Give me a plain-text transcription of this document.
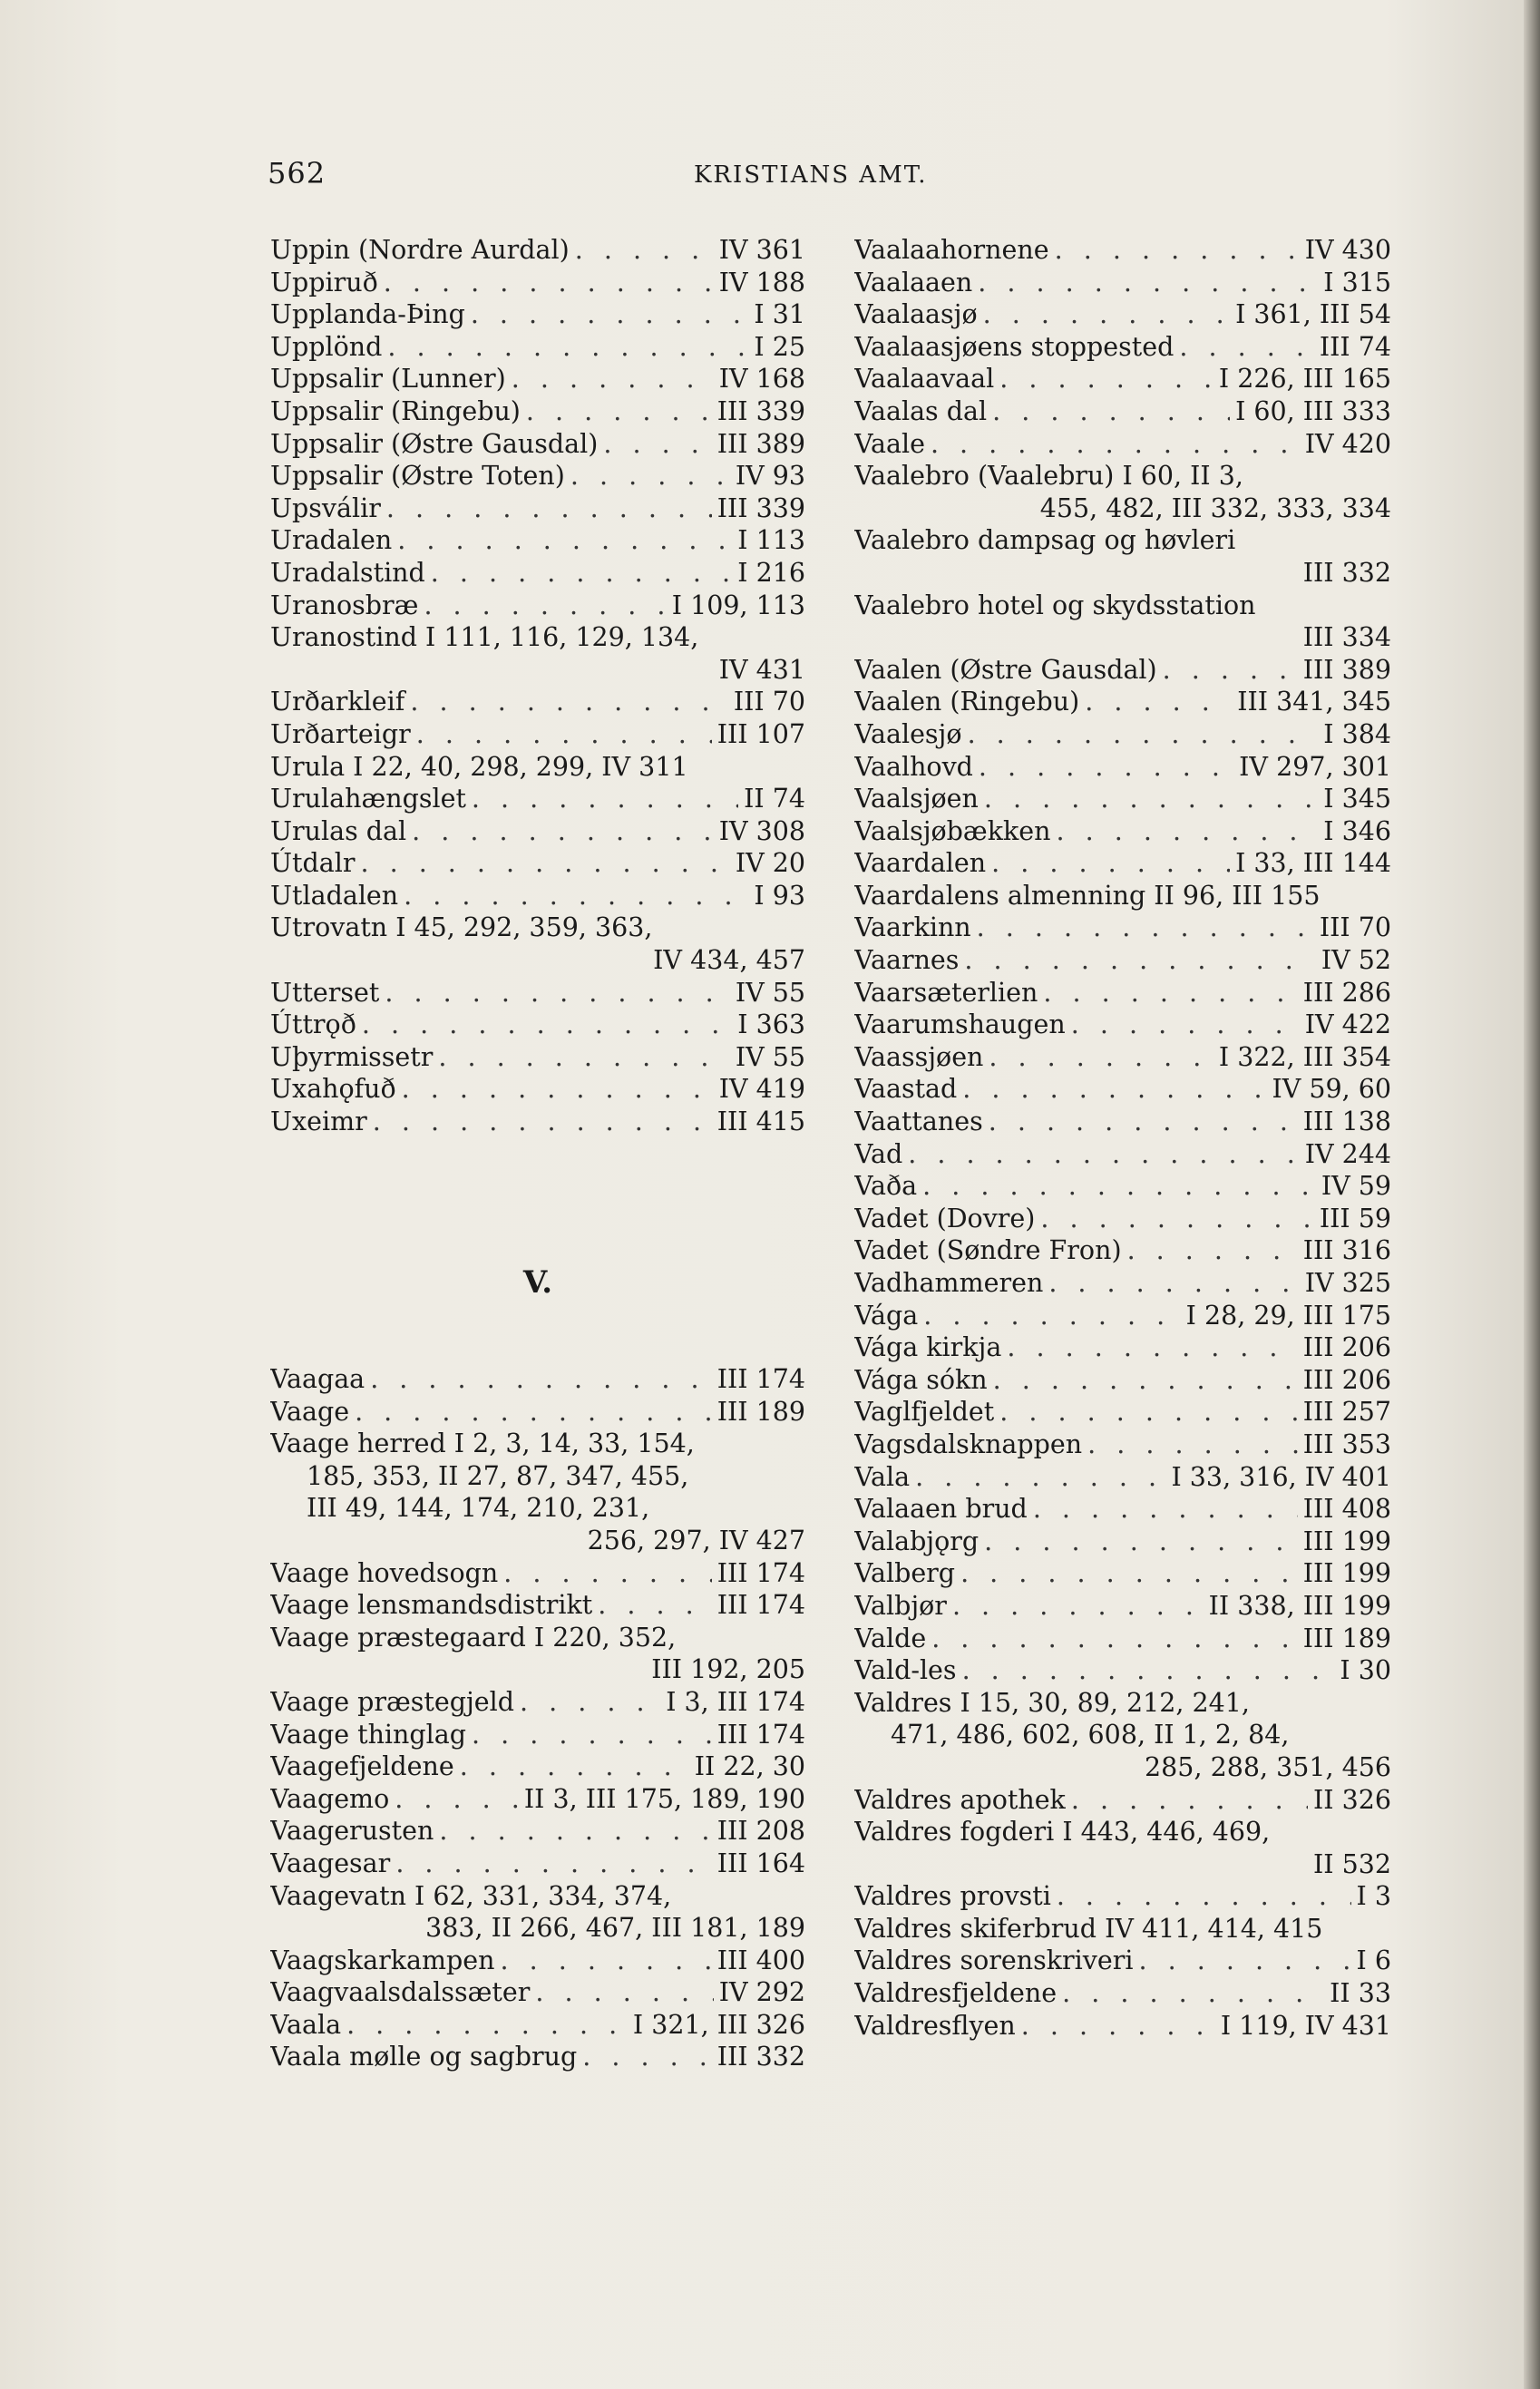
562	KRISTIANS AMT.
Uppin (Nordre Aurdal) . . .	IV 361
Uppiruð . . .	IV 188
Upplanda-Þing . . .	I 31
Upplönd . . .	I 25
Uppsalir (Lunner) . . .	IV 168
Uppsalir (Ringebu) . . .	III 339
Uppsalir (Østre Gausdal) . . .	III 389
Uppsalir (Østre Toten) . . .	IV 93
Upsválir . . .	III 339
Uradalen . . .	I 113
Uradalstind . . .	I 216
Uranosbræ . . .	I 109, 113
Uranostind I 111, 116, 129, 134,
IV 431
Urðarkleif . . .	III 70
Urðarteigr . . .	III 107
Urula I 22, 40, 298, 299, IV 311
Urulahængslet . . .	II 74
Urulas dal . . .	IV 308
Útdalr . . .	IV 20
Utladalen . . .	I 93
Utrovatn I 45, 292, 359, 363,
IV 434, 457
Utterset . . .	IV 55
Úttrǫð . . .	I 363
Uþyrmissetr . . .	IV 55
Uxahǫfuð . . .	IV 419
Uxeimr . . .	III 415
V.
Vaagaa . . .	III 174
Vaage . . .	III 189
Vaage herred I 2, 3, 14, 33, 154,
185, 353, II 27, 87, 347, 455,
III 49, 144, 174, 210, 231,
256, 297, IV 427
Vaage hovedsogn . . .	III 174
Vaage lensmandsdistrikt . . .	III 174
Vaage præstegaard I 220, 352,
III 192, 205
Vaage præstegjeld . . .	I 3, III 174
Vaage thinglag . . .	III 174
Vaagefjeldene . . .	II 22, 30
Vaagemo . . .	II 3, III 175, 189, 190
Vaagerusten . . .	III 208
Vaagesar . . .	III 164
Vaagevatn I 62, 331, 334, 374,
383, II 266, 467, III 181, 189
Vaagskarkampen . . .	III 400
Vaagvaalsdalssæter . . .	IV 292
Vaala . . .	I 321, III 326
Vaala mølle og sagbrug . . .	III 332
Vaalaahornene . . .	IV 430
Vaalaaen . . .	I 315
Vaalaasjø . . .	I 361, III 54
Vaalaasjøens stoppested . . .	III 74
Vaalaavaal . . .	I 226, III 165
Vaalas dal . . .	I 60, III 333
Vaale . . .	IV 420
Vaalebro (Vaalebru) I 60, II 3,
455, 482, III 332, 333, 334
Vaalebro dampsag og høvleri
III 332
Vaalebro hotel og skydsstation
III 334
Vaalen (Østre Gausdal) . . .	III 389
Vaalen (Ringebu) . . .	III 341, 345
Vaalesjø . . .	I 384
Vaalhovd . . .	IV 297, 301
Vaalsjøen . . .	I 345
Vaalsjøbækken . . .	I 346
Vaardalen . . .	I 33, III 144
Vaardalens almenning II 96, III 155
Vaarkinn . . .	III 70
Vaarnes . . .	IV 52
Vaarsæterlien . . .	III 286
Vaarumshaugen . . .	IV 422
Vaassjøen . . .	I 322, III 354
Vaastad . . .	IV 59, 60
Vaattanes . . .	III 138
Vad . . .	IV 244
Vaða . . .	IV 59
Vadet (Dovre) . . .	III 59
Vadet (Søndre Fron) . . .	III 316
Vadhammeren . . .	IV 325
Vága . . .	I 28, 29, III 175
Vága kirkja . . .	III 206
Vága sókn . . .	III 206
Vaglfjeldet . . .	III 257
Vagsdalsknappen . . .	III 353
Vala . . .	I 33, 316, IV 401
Valaaen brud . . .	III 408
Valabjǫrg . . .	III 199
Valberg . . .	III 199
Valbjør . . .	II 338, III 199
Valde . . .	III 189
Vald-les . . .	I 30
Valdres I 15, 30, 89, 212, 241,
471, 486, 602, 608, II 1, 2, 84,
285, 288, 351, 456
Valdres apothek . . .	II 326
Valdres fogderi I 443, 446, 469,
II 532
Valdres provsti . . .	I 3
Valdres skiferbrud IV 411, 414, 415
Valdres sorenskriveri . . .	I 6
Valdresfjeldene . . .	II 33
Valdresflyen . . .	I 119, IV 431
